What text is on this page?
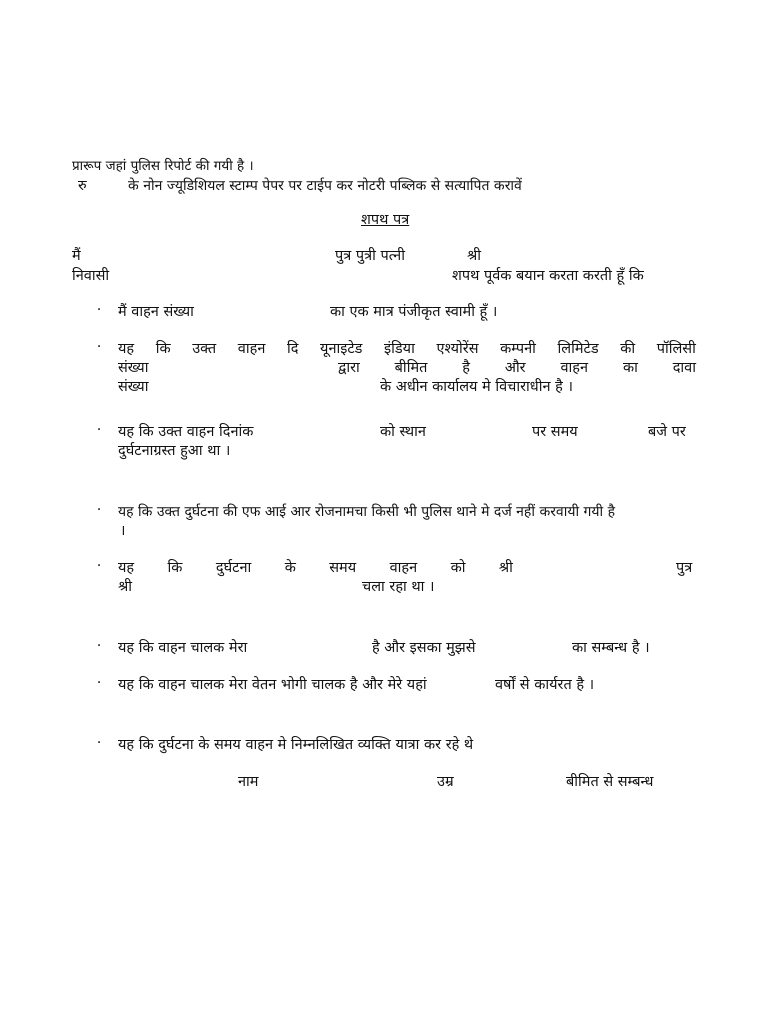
प्रारूप जहां पुलिस रिपोर्ट की गयी है ।
रु	के नोन ज्यूडिशियल स्टाम्प पेपर पर टाईप कर नोटरी पब्लिक से सत्यापित करावें
शपथ पत्र
मैं	पुत्र पुत्री पत्नी	श्री
निवासी	शपथ पूर्वक बयान करता करती हूँ कि
· मैं वाहन संख्या	का एक मात्र पंजीकृत स्वामी हूँ ।
· यह कि उक्त वाहन दि यूनाइटेड इंडिया एश्योरेंस कम्पनी लिमिटेड की पॉलिसी
संख्या	द्वारा बीमित है और वाहन का दावा
संख्या	के अधीन कार्यालय मे विचाराधीन है ।
· यह कि उक्त वाहन दिनांक	को स्थान	पर समय	बजे पर
दुर्घटनाग्रस्त हुआ था ।
· यह कि उक्त दुर्घटना की एफ आई आर रोजनामचा किसी भी पुलिस थाने मे दर्ज नहीं करवायी गयी है
।
· यह कि दुर्घटना के समय वाहन को श्री	पुत्र
श्री	चला रहा था ।
· यह कि वाहन चालक मेरा	है और इसका मुझसे	का सम्बन्ध है ।
· यह कि वाहन चालक मेरा वेतन भोगी चालक है और मेरे यहां	वर्षों से कार्यरत है ।
· यह कि दुर्घटना के समय वाहन मे निम्नलिखित व्यक्ति यात्रा कर रहे थे
नाम	उम्र	बीमित से सम्बन्ध
